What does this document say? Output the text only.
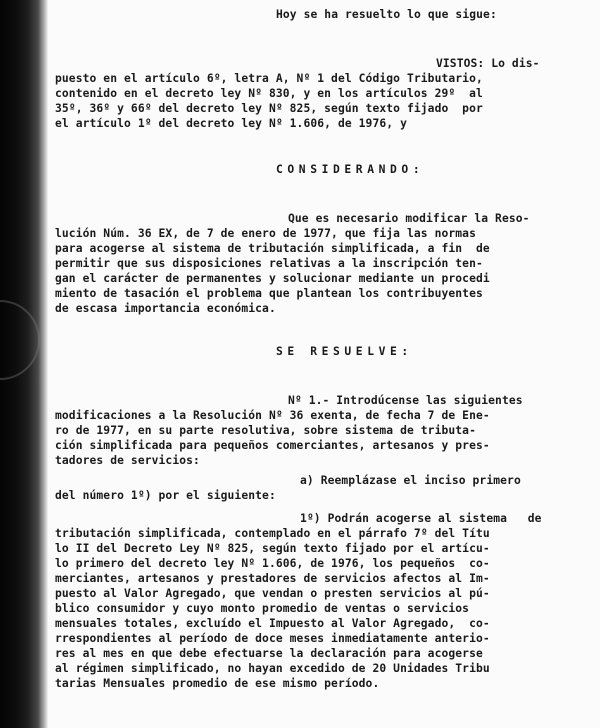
Hoy se ha resuelto lo que sigue:
VISTOS: Lo dis-
puesto en el artículo 6º, letra A, Nº 1 del Código Tributario,
contenido en el decreto ley Nº 830, y en los artículos 29º  al
35º, 36º y 66º del decreto ley Nº 825, según texto fijado  por
el artículo 1º del decreto ley Nº 1.606, de 1976, y
CONSIDERANDO:
Que es necesario modificar la Reso-
lución Núm. 36 EX, de 7 de enero de 1977, que fija las normas
para acogerse al sistema de tributación simplificada, a fin  de
permitir que sus disposiciones relativas a la inscripción ten-
gan el carácter de permanentes y solucionar mediante un procedi
miento de tasación el problema que plantean los contribuyentes
de escasa importancia económica.
SE RESUELVE:
Nº 1.- Introdúcense las siguientes
modificaciones a la Resolución Nº 36 exenta, de fecha 7 de Ene-
ro de 1977, en su parte resolutiva, sobre sistema de tributa-
ción simplificada para pequeños comerciantes, artesanos y pres-
tadores de servicios:
a) Reemplázase el inciso primero
del número 1º) por el siguiente:
1º) Podrán acogerse al sistema   de
tributación simplificada, contemplado en el párrafo 7º del Títu
lo II del Decreto Ley Nº 825, según texto fijado por el artícu-
lo primero del decreto ley Nº 1.606, de 1976, los pequeños  co-
merciantes, artesanos y prestadores de servicios afectos al Im-
puesto al Valor Agregado, que vendan o presten servicios al pú-
blico consumidor y cuyo monto promedio de ventas o servicios
mensuales totales, excluído el Impuesto al Valor Agregado,  co-
rrespondientes al período de doce meses inmediatamente anterio-
res al mes en que debe efectuarse la declaración para acogerse
al régimen simplificado, no hayan excedido de 20 Unidades Tribu
tarias Mensuales promedio de ese mismo período.
